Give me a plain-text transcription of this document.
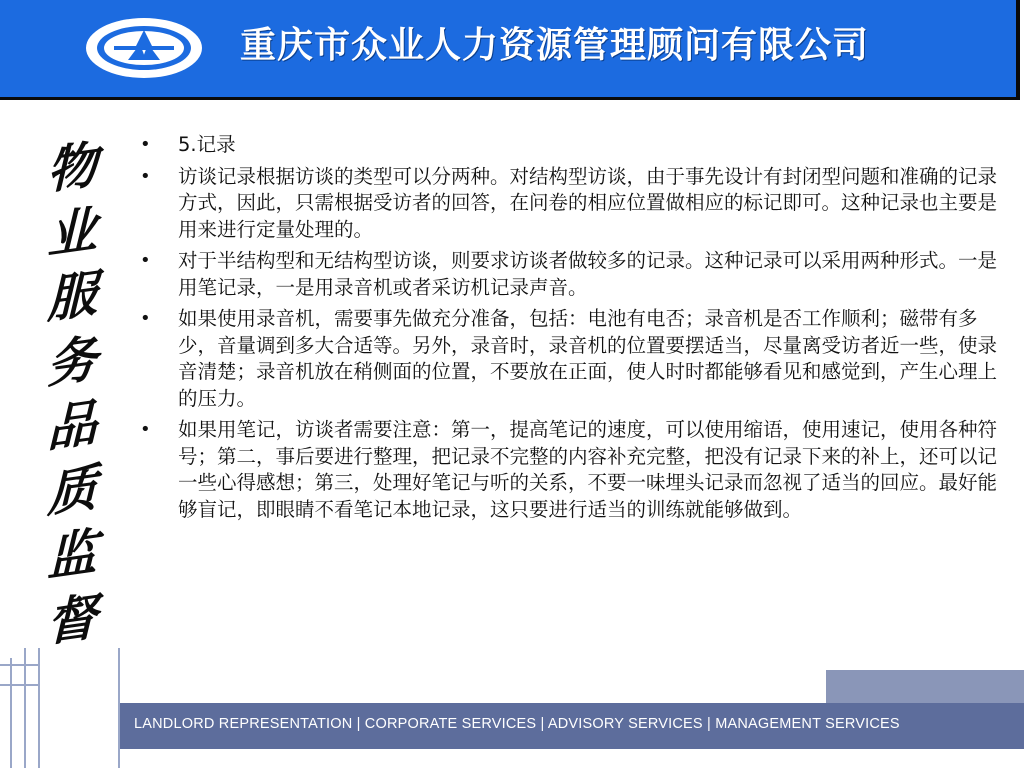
重庆市众业人力资源管理顾问有限公司
物
业
服
务
品
质
监
督
• 5.记录
• 访谈记录根据访谈的类型可以分两种。对结构型访谈，由于事先设计有封闭型问题和准确的记录方式，因此，只需根据受访者的回答，在问卷的相应位置做相应的标记即可。这种记录也主要是用来进行定量处理的。
• 对于半结构型和无结构型访谈，则要求访谈者做较多的记录。这种记录可以采用两种形式。一是用笔记录，一是用录音机或者采访机记录声音。
• 如果使用录音机，需要事先做充分准备，包括：电池有电否；录音机是否工作顺利；磁带有多少，音量调到多大合适等。另外，录音时，录音机的位置要摆适当，尽量离受访者近一些，使录音清楚；录音机放在稍侧面的位置，不要放在正面，使人时时都能够看见和感觉到，产生心理上的压力。
• 如果用笔记，访谈者需要注意：第一，提高笔记的速度，可以使用缩语，使用速记，使用各种符号；第二，事后要进行整理，把记录不完整的内容补充完整，把没有记录下来的补上，还可以记一些心得感想；第三，处理好笔记与听的关系，不要一味埋头记录而忽视了适当的回应。最好能够盲记，即眼睛不看笔记本地记录，这只要进行适当的训练就能够做到。
LANDLORD REPRESENTATION | CORPORATE SERVICES | ADVISORY SERVICES | MANAGEMENT SERVICES
